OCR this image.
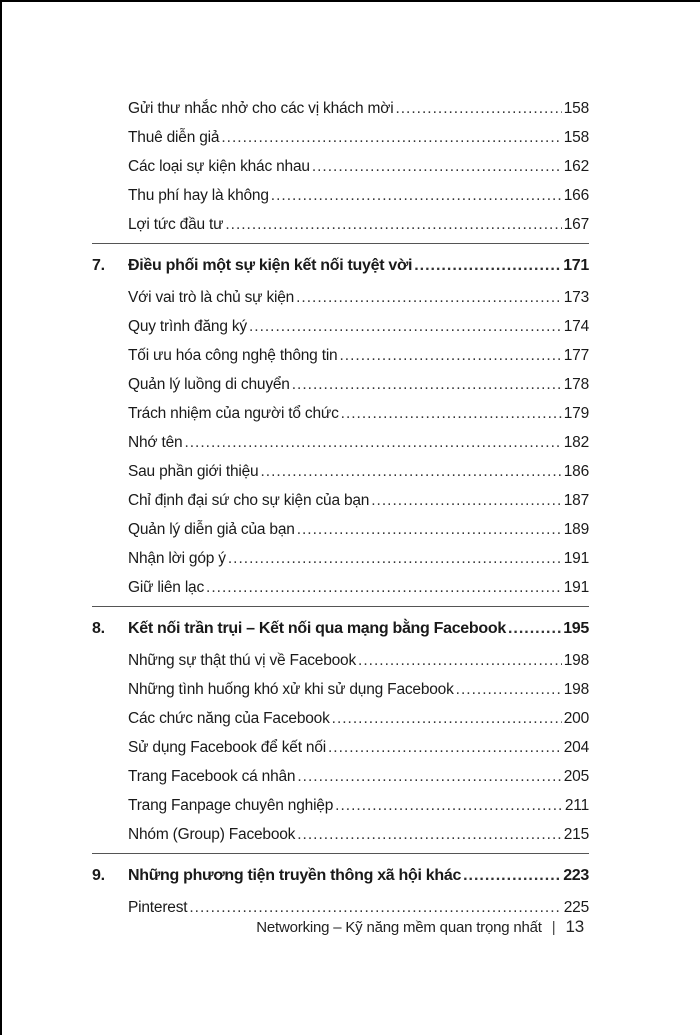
Gửi thư nhắc nhở cho các vị khách mời .....	158
Thuê diễn giả .....	158
Các loại sự kiện khác nhau .....	162
Thu phí hay là không .....	166
Lợi tức đầu tư .....	167
7.	Điều phối một sự kiện kết nối tuyệt vời .....	171
Với vai trò là chủ sự kiện .....	173
Quy trình đăng ký .....	174
Tối ưu hóa công nghệ thông tin .....	177
Quản lý luồng di chuyển .....	178
Trách nhiệm của người tổ chức .....	179
Nhớ tên .....	182
Sau phần giới thiệu .....	186
Chỉ định đại sứ cho sự kiện của bạn .....	187
Quản lý diễn giả của bạn .....	189
Nhận lời góp ý .....	191
Giữ liên lạc .....	191
8.	Kết nối trần trụi – Kết nối qua mạng bằng Facebook .....	195
Những sự thật thú vị về Facebook .....	198
Những tình huống khó xử khi sử dụng Facebook .....	198
Các chức năng của Facebook .....	200
Sử dụng Facebook để kết nối .....	204
Trang Facebook cá nhân .....	205
Trang Fanpage chuyên nghiệp .....	211
Nhóm (Group) Facebook .....	215
9.	Những phương tiện truyền thông xã hội khác .....	223
Pinterest .....	225
Networking – Kỹ năng mềm quan trọng nhất | 13
